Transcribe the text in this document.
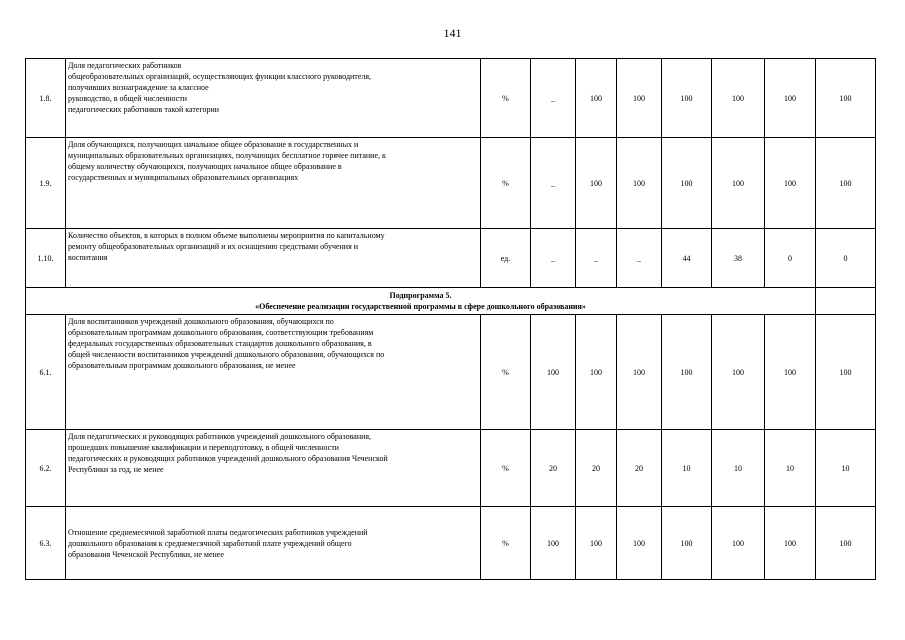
141
1.8.	Доля педагогических работников
общеобразовательных организаций, осуществляющих функции классного руководителя,
получивших вознаграждение за классное
руководство, в общей численности
педагогических работников такой категории	%	_	100	100	100	100	100	100
1.9.	Доля обучающихся, получающих начальное общее образование в государственных и
муниципальных образовательных организациях, получающих бесплатное горячее питание, к
общему количеству обучающихся, получающих начальное общее образование в
государственных и муниципальных образовательных организациях	%	_	100	100	100	100	100	100
1.10.	Количество объектов, в которых в полном объеме выполнены мероприятия по капитальному
ремонту общеобразовательных организаций и их оснащению средствами обучения и
воспитания	ед.	_	_	_	44	38	0	0

Подпрограмма 5.
«Обеспечение реализации государственной программы в сфере дошкольного образования»									

6.1.	Доля воспитанников учреждений дошкольного образования, обучающихся по
образовательным программам дошкольного образования, соответствующим требованиям
федеральных государственных образовательных стандартов дошкольного образования, в
общей численности воспитанников учреждений дошкольного образования, обучающихся по
образовательным программам дошкольного образования, не менее	%	100	100	100	100	100	100	100
6.2.	Доля педагогических и руководящих работников учреждений дошкольного образования,
прошедших повышение квалификации и переподготовку, в общей численности
педагогических и руководящих работников учреждений дошкольного образования Чеченской
Республики за год, не менее	%	20	20	20	10	10	10	10
6.3.	Отношение среднемесячной заработной платы педагогических работников учреждений
дошкольного образования к среднемесячной заработной плате учреждений общего
образования Чеченской Республики, не менее	%	100	100	100	100	100	100	100
